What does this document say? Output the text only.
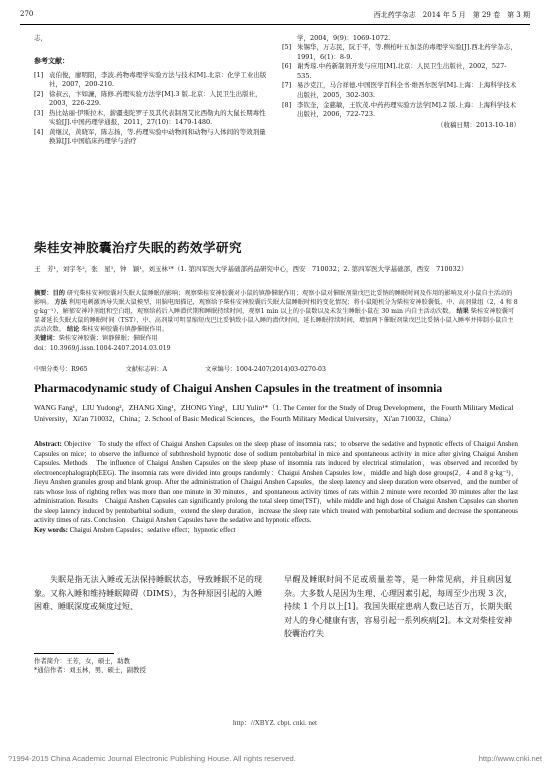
270	西北药学杂志　2014 年 5 月　第 29 卷　第 3 期
志，
参考文献：
[1] 袁伯俊，廖明阳，李波.药物毒理学实验方法与技术[M].北京：化学工业出版社，2007，200-210.
[2] 徐叔云，卞如濂，陈修.药理实验方法学[M].3 版.北京：人民卫生出版社，2003，226-229.
[3] 热比姑丽·伊斯拉木，薪疆斐陀罗子及其代表制剂艾比西勒丸的大鼠长期毒性实验[J].中国药理学通报，2011，27(10)：1479-1480.
[4] 黄继汉，黄晓军，陈志扬，等.药理实验中动物间和动物与人体间的等效剂量换算[J].中国临床药理学与治疗
学，2004，9(9)：1069-1072.
[5] 朱锡华，万志民，阮于平，等.侧柏叶五加茎的毒理学实验[J].西北药学杂志，1991，6(1)：8-9.
[6] 谢秀琼.中药新制剂开发与应用[M].北京：人民卫生出版社，2002，527-535.
[7] 易沙克江，马合祥德.中国医学百科全书·维吾尔医学[M].上海：上海科学技术出版社，2005，302-303.
[8] 李钦奎，金慈敏，王钦茂.中药药理实验方法学[M].2 版.上海：上海科学技术出版社，2006，722-723.
（收稿日期：2013-10-18）
柴桂安神胶囊治疗失眠的药效学研究
王　芳¹，刘宇冬²，张　星¹，钟　颖¹，刘玉林¹*（1. 第四军医大学基础部药品研究中心，西安　710032；2. 第四军医大学基础部，西安　710032）

摘要：目的 研究柴桂安神胶囊对失眠大鼠睡眠的影响；观察柴桂安神胶囊对小鼠的镇静催眠作用；观察小鼠对催眠剂量戊巴比妥钠的睡眠时间及作用的影响及对小鼠自主活动的影响。 方法 利用电刺激诱导失眠大鼠模型，用脑电图描记，观察给予柴桂安神胶囊后失眠大鼠睡眠时相的变化情况；将小鼠随机分为柴桂安神胶囊低、中、高剂量组（2，4 和 8 g·kg⁻¹），解郁安神冲剂组和空白组，观察给药后入睡潜伏期和睡眠持续时间，观察1 min 以上的小鼠数以及未发生睡眠小鼠在 30 min 内自主活动次数。 结果 柴桂安神胶囊可显著延长失眠大鼠的睡眠时间（TST），中、高剂量可明显缩短戊巴比妥钠致小鼠入睡的潜伏时间，延长睡眠持续时间，增加两下催眠剂量戊巴比妥钠小鼠入睡率并抑制小鼠自主活动次数。 结论 柴桂安神胶囊有镇静催眠作用。

关键词：柴桂安神胶囊；镇静催眠；催眠作用

doi：10.3969/j.issn.1004-2407.2014.03.019

中图分类号：R965	文献标志码：A	文章编号：1004-2407(2014)03-0270-03
Pharmacodynamic study of Chaigui Anshen Capsules in the treatment of insomnia
WANG Fang¹，LIU Yudong²，ZHANG Xing¹，ZHONG Ying¹，LIU Yulin¹*（1. The Center for the Study of Drug Development，the Fourth Military Medical University，Xi'an 710032，China；2. School of Basic Medical Sciences，the Fourth Military Medical University，Xi'an 710032，China）

Abstract: Objective　To study the effect of Chaigui Anshen Capsules on the sleep phase of insomnia rats；to observe the sedative and hypnotic effects of Chaigui Anshen Capsules on mice；to observe the influence of subthreshold hypnotic dose of sodium pentobarbital in mice and spontaneous activity in mice after giving Chaigui Anshen Capsules. Methods　The influence of Chaigui Anshen Capsules on the sleep phase of insomnia rats induced by electrical stimulation，was observed and recorded by electroencephalograph(EEG). The insomnia rats were divided into groups randomly：Chaigui Anshen Capsules low，middle and high dose groups(2，4 and 8 g·kg⁻¹)，Jieyu Anshen granules group and blank group. After the administration of Chaigui Anshen Capsules，the sleep latency and sleep duration were observed，and the number of rats whose loss of righting reflex was more than one minute in 30 minutes，and spontaneous activity times of rats within 2 minute were recorded 30 minutes after the last administration. Results　Chaigui Anshen Capsules can significantly prolong the total sleep time(TST)，while middle and high dose of Chaigui Anshen Capsules can shorten the sleep latency induced by pentobarbital sodium，extend the sleep duration，increase the sleep rate which treated with pentobarbital sodium and decrease the spontaneous activity times of rats. Conclusion　Chaigui Anshen Capsules have the sedative and hypnotic effects.

Key words: Chaigui Anshen Capsules；sedative effect；hypnotic effect

失眠是指无法入睡或无法保持睡眠状态，导致睡眠不足的现象。又称入睡和维持睡眠障碍（DIMS），为各种原因引起的入睡困难、睡眠深度或频度过短、

早醒及睡眠时间不足或质量差等，是一种常见病，并且病因复杂。大多数人是因为生理、心理因素引起，每周至少出现 3 次，持续 1 个月以上[1]。我国失眠症患病人数已达百万，长期失眠对人的身心健康有害，容易引起一系列疾病[2]。本文对柴桂安神胶囊治疗失

作者简介：王芳，女，硕士，助教
*通信作者：刘玉林，男，硕士，副教授
http：//XBYZ. cbpt. cnki. net
?1994-2015 China Academic Journal Electronic Publishing House. All rights reserved.	http://www.cnki.net
